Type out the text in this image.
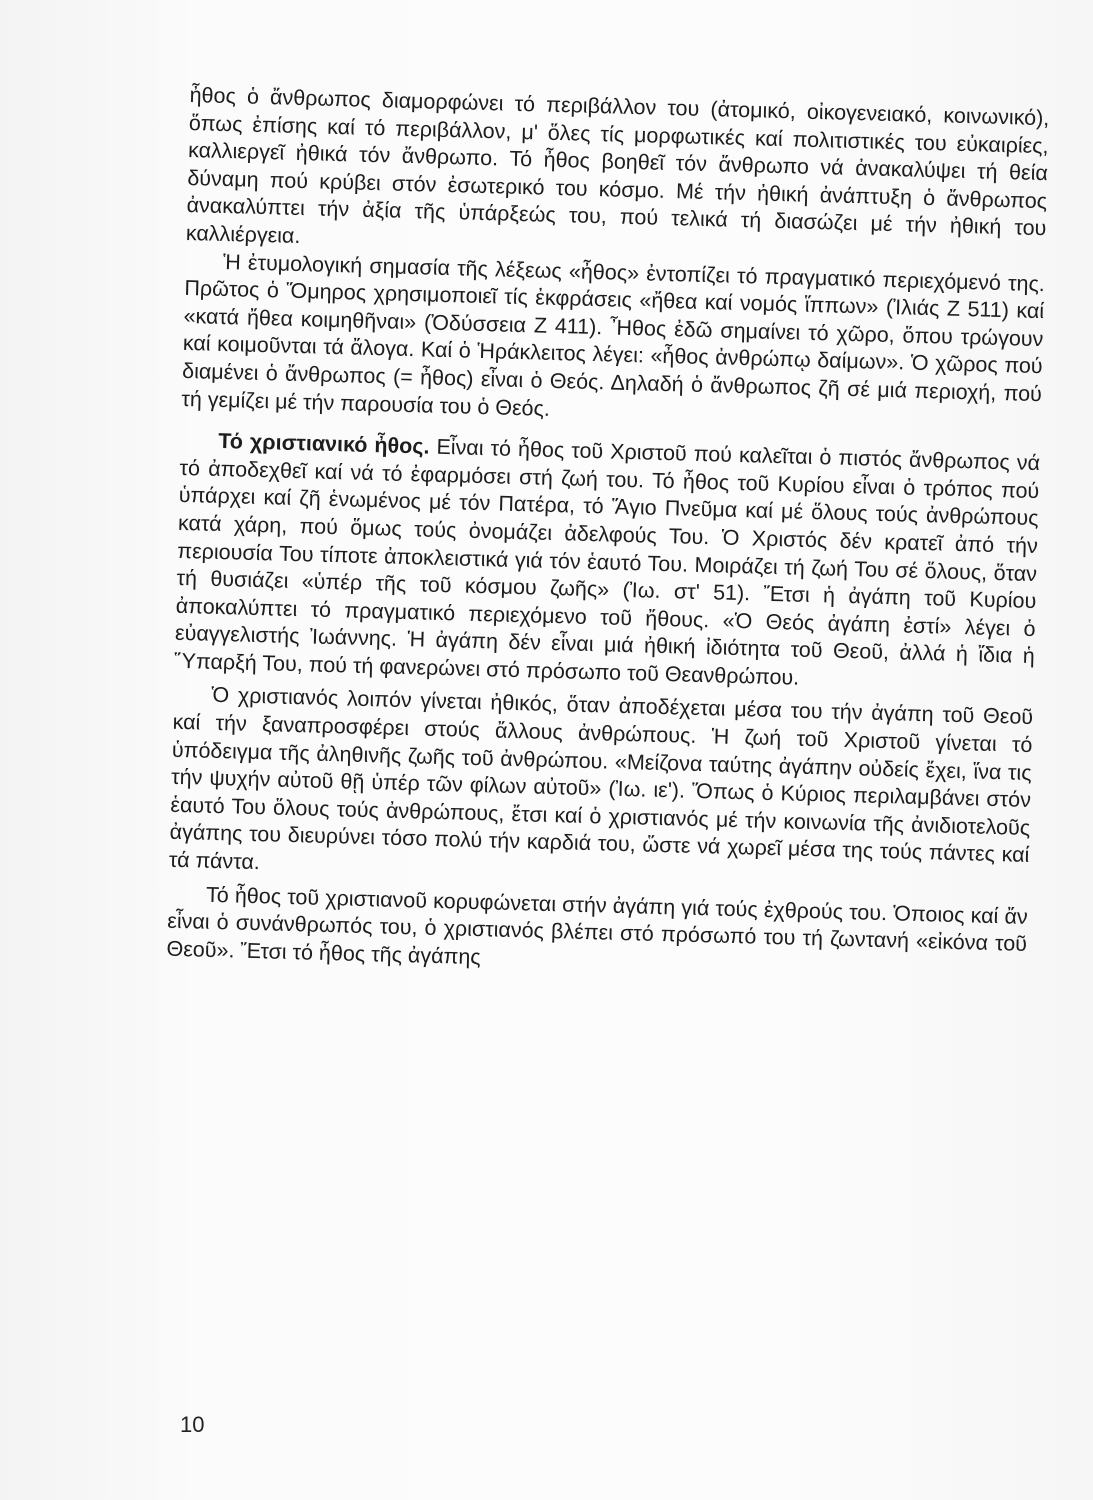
ἦθος ὁ ἄνθρωπος διαμορφώνει τό περιβάλλον του (ἀτομικό, οἰκογενειακό, κοινωνικό), ὅπως ἐπίσης καί τό περιβάλλον, μ' ὅλες τίς μορφωτικές καί πολιτιστικές του εὐκαιρίες, καλλιεργεῖ ἠθικά τόν ἄνθρωπο. Τό ἦθος βοηθεῖ τόν ἄνθρωπο νά ἀνακαλύψει τή θεία δύναμη πού κρύβει στόν ἐσωτερικό του κόσμο. Μέ τήν ἠθική ἀνάπτυξη ὁ ἄνθρωπος ἀνακαλύπτει τήν ἀξία τῆς ὑπάρξεώς του, πού τελικά τή διασώζει μέ τήν ἠθική του καλλιέργεια.

Ἡ ἐτυμολογική σημασία τῆς λέξεως «ἦθος» ἐντοπίζει τό πραγματικό περιεχόμενό της. Πρῶτος ὁ Ὅμηρος χρησιμοποιεῖ τίς ἐκφράσεις «ἤθεα καί νομός ἵππων» (Ἰλιάς Ζ 511) καί «κατά ἤθεα κοιμηθῆναι» (Ὀδύσσεια Ζ 411). Ἦθος ἐδῶ σημαίνει τό χῶρο, ὅπου τρώγουν καί κοιμοῦνται τά ἄλογα. Καί ὁ Ἡράκλειτος λέγει: «ἦθος ἀνθρώπῳ δαίμων». Ὁ χῶρος πού διαμένει ὁ ἄνθρωπος (= ἦθος) εἶναι ὁ Θεός. Δηλαδή ὁ ἄνθρωπος ζῆ σέ μιά περιοχή, πού τή γεμίζει μέ τήν παρουσία του ὁ Θεός.

Τό χριστιανικό ἦθος. Εἶναι τό ἦθος τοῦ Χριστοῦ πού καλεῖται ὁ πιστός ἄνθρωπος νά τό ἀποδεχθεῖ καί νά τό ἐφαρμόσει στή ζωή του. Τό ἦθος τοῦ Κυρίου εἶναι ὁ τρόπος πού ὑπάρχει καί ζῆ ἑνωμένος μέ τόν Πατέρα, τό Ἅγιο Πνεῦμα καί μέ ὅλους τούς ἀνθρώπους κατά χάρη, πού ὅμως τούς ὀνομάζει ἀδελφούς Του. Ὁ Χριστός δέν κρατεῖ ἀπό τήν περιουσία Του τίποτε ἀποκλειστικά γιά τόν ἑαυτό Του. Μοιράζει τή ζωή Του σέ ὅλους, ὅταν τή θυσιάζει «ὑπέρ τῆς τοῦ κόσμου ζωῆς» (Ἰω. στ' 51). Ἔτσι ἡ ἀγάπη τοῦ Κυρίου ἀποκαλύπτει τό πραγματικό περιεχόμενο τοῦ ἤθους. «Ὁ Θεός ἀγάπη ἐστί» λέγει ὁ εὐαγγελιστής Ἰωάννης. Ἡ ἀγάπη δέν εἶναι μιά ἠθική ἰδιότητα τοῦ Θεοῦ, ἀλλά ἡ ἴδια ἡ Ὕπαρξή Του, πού τή φανερώνει στό πρόσωπο τοῦ Θεανθρώπου.

Ὁ χριστιανός λοιπόν γίνεται ἠθικός, ὅταν ἀποδέχεται μέσα του τήν ἀγάπη τοῦ Θεοῦ καί τήν ξαναπροσφέρει στούς ἄλλους ἀνθρώπους. Ἡ ζωή τοῦ Χριστοῦ γίνεται τό ὑπόδειγμα τῆς ἀληθινῆς ζωῆς τοῦ ἀνθρώπου. «Μείζονα ταύτης ἀγάπην οὐδείς ἔχει, ἵνα τις τήν ψυχήν αὐτοῦ θῇ ὑπέρ τῶν φίλων αὐτοῦ» (Ἰω. ιε'). Ὅπως ὁ Κύριος περιλαμβάνει στόν ἑαυτό Του ὅλους τούς ἀνθρώπους, ἔτσι καί ὁ χριστιανός μέ τήν κοινωνία τῆς ἀνιδιοτελοῦς ἀγάπης του διευρύνει τόσο πολύ τήν καρδιά του, ὥστε νά χωρεῖ μέσα της τούς πάντες καί τά πάντα.

Τό ἦθος τοῦ χριστιανοῦ κορυφώνεται στήν ἀγάπη γιά τούς ἐχθρούς του. Ὁποιος καί ἄν εἶναι ὁ συνάνθρωπός του, ὁ χριστιανός βλέπει στό πρόσωπό του τή ζωντανή «εἰκόνα τοῦ Θεοῦ». Ἔτσι τό ἦθος τῆς ἀγάπης

10
